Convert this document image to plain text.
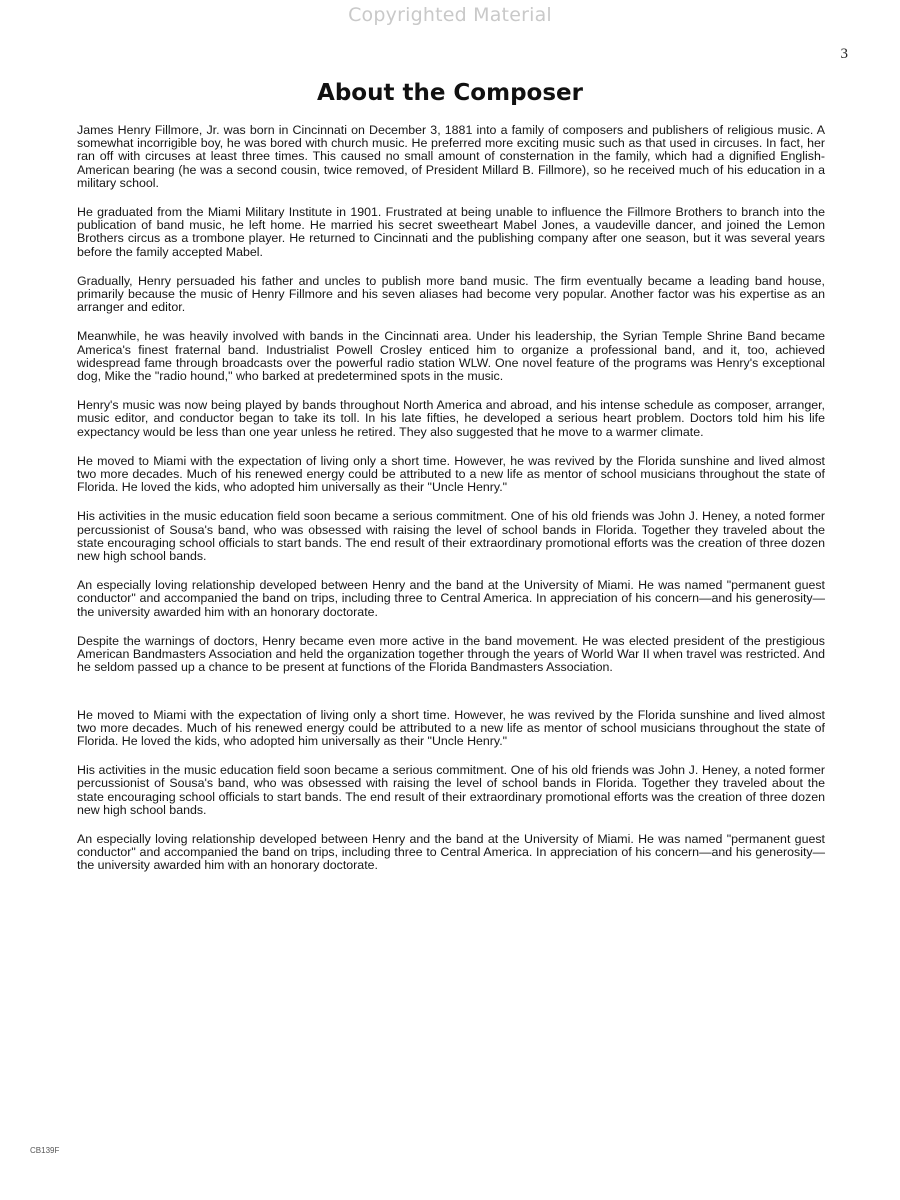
Copyrighted Material
3
About the Composer

James Henry Fillmore, Jr. was born in Cincinnati on December 3, 1881 into a family of composers and publishers of religious music. A somewhat incorrigible boy, he was bored with church music. He preferred more exciting music such as that used in circuses. In fact, her ran off with circuses at least three times. This caused no small amount of consternation in the family, which had a dignified English-American bearing (he was a second cousin, twice removed, of President Millard B. Fillmore), so he received much of his education in a military school.

He graduated from the Miami Military Institute in 1901. Frustrated at being unable to influence the Fillmore Brothers to branch into the publication of band music, he left home. He married his secret sweetheart Mabel Jones, a vaudeville dancer, and joined the Lemon Brothers circus as a trombone player. He returned to Cincinnati and the publishing company after one season, but it was several years before the family accepted Mabel.

Gradually, Henry persuaded his father and uncles to publish more band music. The firm eventually became a leading band house, primarily because the music of Henry Fillmore and his seven aliases had become very popular. Another factor was his expertise as an arranger and editor.

Meanwhile, he was heavily involved with bands in the Cincinnati area. Under his leadership, the Syrian Temple Shrine Band became America's finest fraternal band. Industrialist Powell Crosley enticed him to organize a professional band, and it, too, achieved widespread fame through broadcasts over the powerful radio station WLW. One novel feature of the programs was Henry's exceptional dog, Mike the "radio hound," who barked at predetermined spots in the music.

Henry's music was now being played by bands throughout North America and abroad, and his intense schedule as composer, arranger, music editor, and conductor began to take its toll. In his late fifties, he developed a serious heart problem. Doctors told him his life expectancy would be less than one year unless he retired. They also suggested that he move to a warmer climate.

He moved to Miami with the expectation of living only a short time. However, he was revived by the Florida sunshine and lived almost two more decades. Much of his renewed energy could be attributed to a new life as mentor of school musicians throughout the state of Florida. He loved the kids, who adopted him universally as their "Uncle Henry."

His activities in the music education field soon became a serious commitment. One of his old friends was John J. Heney, a noted former percussionist of Sousa's band, who was obsessed with raising the level of school bands in Florida. Together they traveled about the state encouraging school officials to start bands. The end result of their extraordinary promotional efforts was the creation of three dozen new high school bands.

An especially loving relationship developed between Henry and the band at the University of Miami. He was named "permanent guest conductor" and accompanied the band on trips, including three to Central America. In appreciation of his concern—and his generosity—the university awarded him with an honorary doctorate.

Despite the warnings of doctors, Henry became even more active in the band movement. He was elected president of the prestigious American Bandmasters Association and held the organization together through the years of World War II when travel was restricted. And he seldom passed up a chance to be present at functions of the Florida Bandmasters Association.

He moved to Miami with the expectation of living only a short time. However, he was revived by the Florida sunshine and lived almost two more decades. Much of his renewed energy could be attributed to a new life as mentor of school musicians throughout the state of Florida. He loved the kids, who adopted him universally as their "Uncle Henry."

His activities in the music education field soon became a serious commitment. One of his old friends was John J. Heney, a noted former percussionist of Sousa's band, who was obsessed with raising the level of school bands in Florida. Together they traveled about the state encouraging school officials to start bands. The end result of their extraordinary promotional efforts was the creation of three dozen new high school bands.

An especially loving relationship developed between Henry and the band at the University of Miami. He was named "permanent guest conductor" and accompanied the band on trips, including three to Central America. In appreciation of his concern—and his generosity—the university awarded him with an honorary doctorate.

CB139F
